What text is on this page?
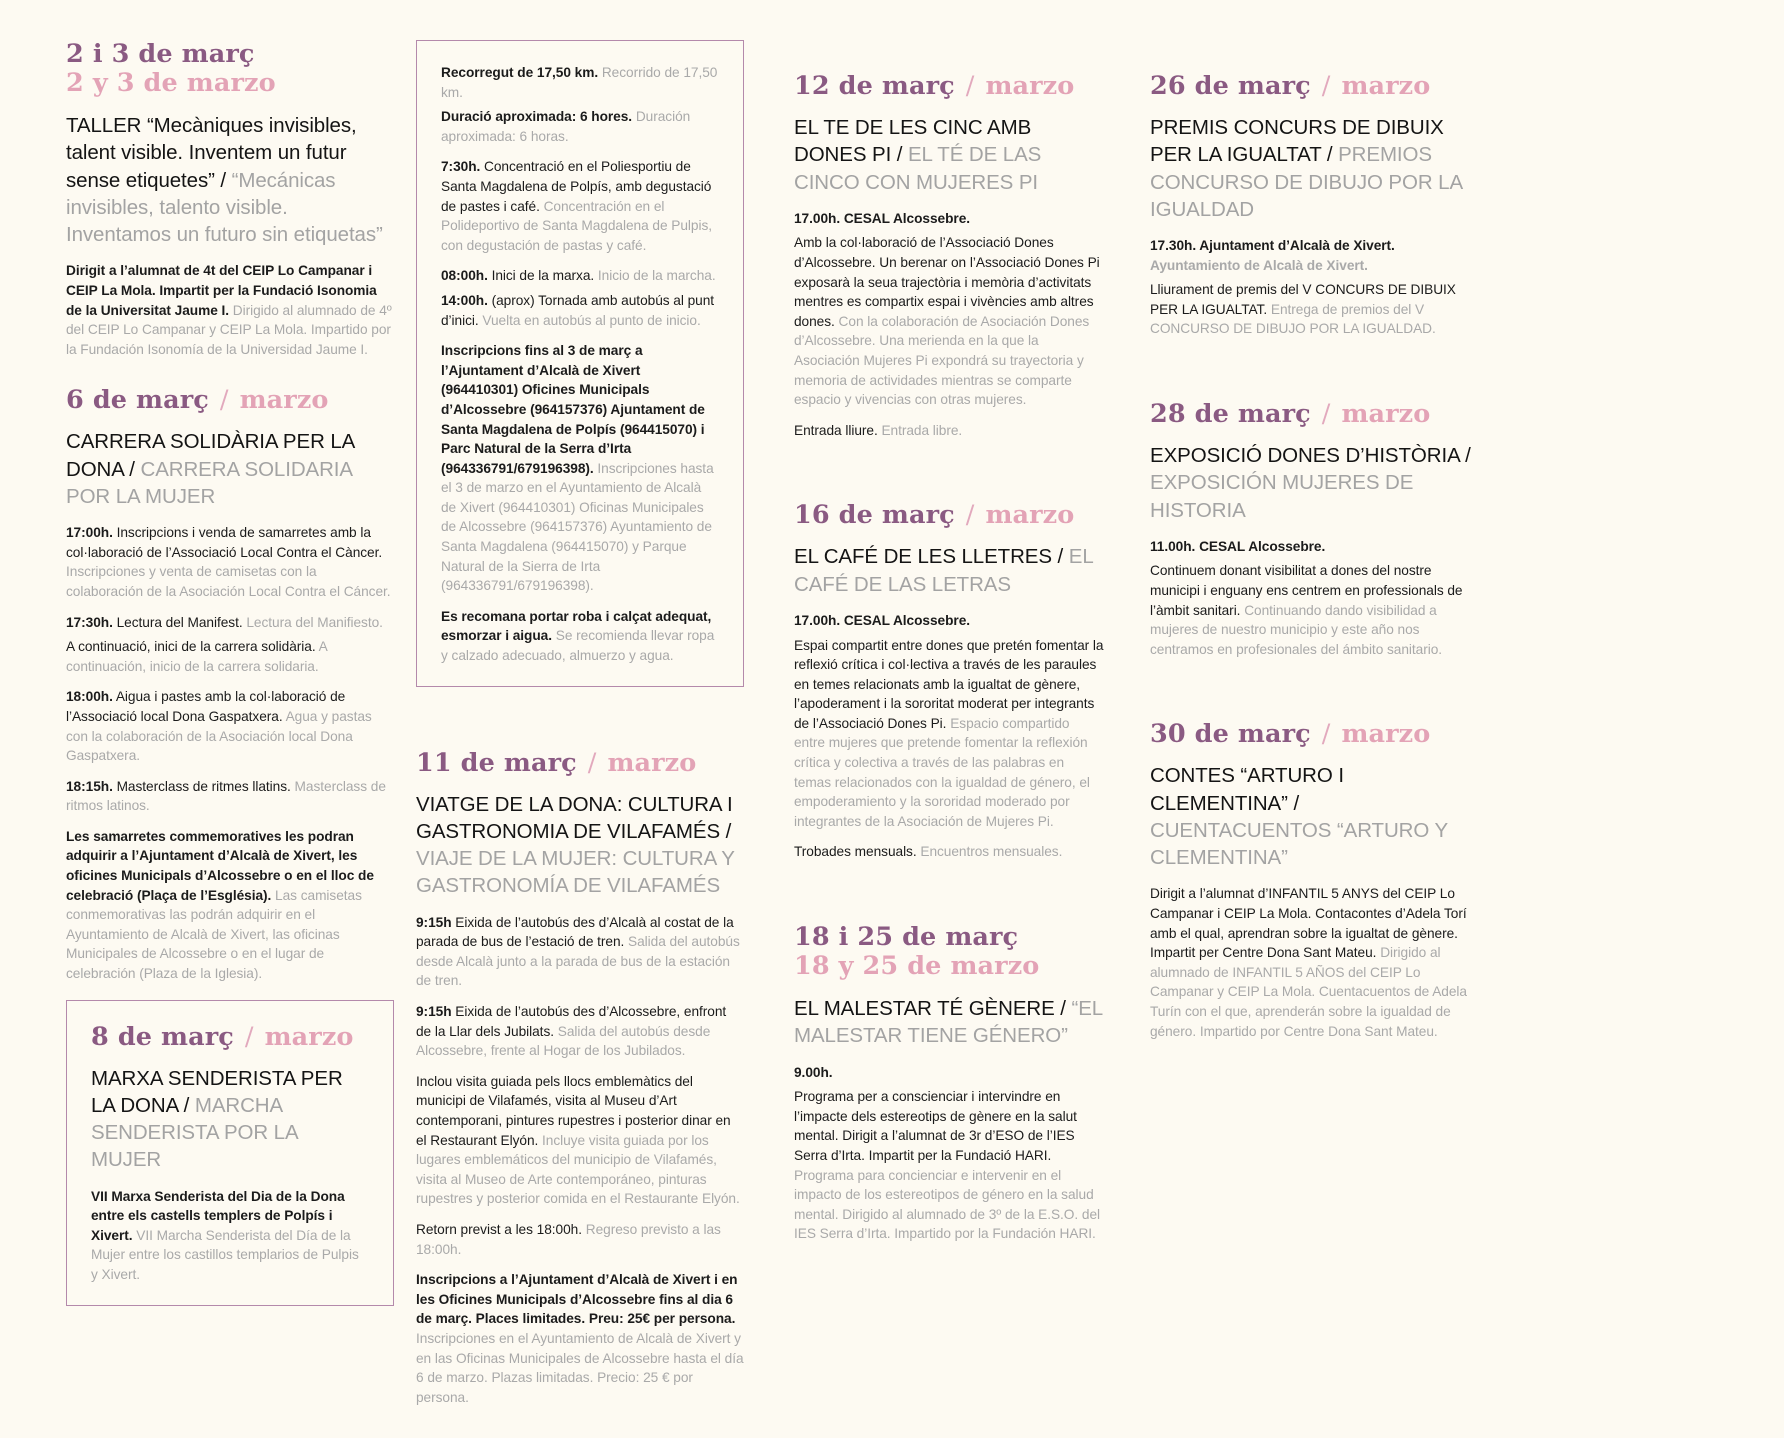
2 i 3 de març
2 y 3 de marzo
TALLER “Mecàniques invisibles, talent visible. Inventem un futur sense etiquetes” / “Mecánicas invisibles, talento visible. Inventamos un futuro sin etiquetas”
Dirigit a l’alumnat de 4t del CEIP Lo Campanar i CEIP La Mola. Impartit per la Fundació Isonomia de la Universitat Jaume I. Dirigido al alumnado de 4º del CEIP Lo Campanar y CEIP La Mola. Impartido por la Fundación Isonomía de la Universidad Jaume I.
6 de març / marzo
CARRERA SOLIDÀRIA PER LA DONA / CARRERA SOLIDARIA POR LA MUJER
17:00h. Inscripcions i venda de samarretes amb la col·laboració de l’Associació Local Contra el Càncer. Inscripciones y venta de camisetas con la colaboración de la Asociación Local Contra el Cáncer.
17:30h. Lectura del Manifest. Lectura del Manifiesto.
A continuació, inici de la carrera solidària. A continuación, inicio de la carrera solidaria.
18:00h. Aigua i pastes amb la col·laboració de l’Associació local Dona Gaspatxera. Agua y pastas con la colaboración de la Asociación local Dona Gaspatxera.
18:15h. Masterclass de ritmes llatins. Masterclass de ritmos latinos.
Les samarretes commemoratives les podran adquirir a l’Ajuntament d’Alcalà de Xivert, les oficines Municipals d’Alcossebre o en el lloc de celebració (Plaça de l’Església). Las camisetas conmemorativas las podrán adquirir en el Ayuntamiento de Alcalà de Xivert, las oficinas Municipales de Alcossebre o en el lugar de celebración (Plaza de la Iglesia).
8 de març / marzo
MARXA SENDERISTA PER LA DONA / MARCHA SENDERISTA POR LA MUJER
VII Marxa Senderista del Dia de la Dona entre els castells templers de Polpís i Xivert. VII Marcha Senderista del Día de la Mujer entre los castillos templarios de Pulpis y Xivert.
Recorregut de 17,50 km. Recorrido de 17,50 km.
Duració aproximada: 6 hores. Duración aproximada: 6 horas.
7:30h. Concentració en el Poliesportiu de Santa Magdalena de Polpís, amb degustació de pastes i café. Concentración en el Polideportivo de Santa Magdalena de Pulpis, con degustación de pastas y café.
08:00h. Inici de la marxa. Inicio de la marcha.
14:00h. (aprox) Tornada amb autobús al punt d’inici. Vuelta en autobús al punto de inicio.
Inscripcions fins al 3 de març a l’Ajuntament d’Alcalà de Xivert (964410301) Oficines Municipals d’Alcossebre (964157376) Ajuntament de Santa Magdalena de Polpís (964415070) i Parc Natural de la Serra d’Irta (964336791/679196398). Inscripciones hasta el 3 de marzo en el Ayuntamiento de Alcalà de Xivert (964410301) Oficinas Municipales de Alcossebre (964157376) Ayuntamiento de Santa Magdalena (964415070) y Parque Natural de la Sierra de Irta (964336791/679196398).
Es recomana portar roba i calçat adequat, esmorzar i aigua. Se recomienda llevar ropa y calzado adecuado, almuerzo y agua.
11 de març / marzo
VIATGE DE LA DONA: CULTURA I GASTRONOMIA DE VILAFAMÉS / VIAJE DE LA MUJER: CULTURA Y GASTRONOMÍA DE VILAFAMÉS
9:15h Eixida de l’autobús des d’Alcalà al costat de la parada de bus de l’estació de tren. Salida del autobús desde Alcalà junto a la parada de bus de la estación de tren.
9:15h Eixida de l’autobús des d’Alcossebre, enfront de la Llar dels Jubilats. Salida del autobús desde Alcossebre, frente al Hogar de los Jubilados.
Inclou visita guiada pels llocs emblemàtics del municipi de Vilafamés, visita al Museu d’Art contemporani, pintures rupestres i posterior dinar en el Restaurant Elyón. Incluye visita guiada por los lugares emblemáticos del municipio de Vilafamés, visita al Museo de Arte contemporáneo, pinturas rupestres y posterior comida en el Restaurante Elyón.
Retorn previst a les 18:00h. Regreso previsto a las 18:00h.
Inscripcions a l’Ajuntament d’Alcalà de Xivert i en les Oficines Municipals d’Alcossebre fins al dia 6 de març. Places limitades. Preu: 25€ per persona. Inscripciones en el Ayuntamiento de Alcalà de Xivert y en las Oficinas Municipales de Alcossebre hasta el día 6 de marzo. Plazas limitadas. Precio: 25 € por persona.
12 de març / marzo
EL TE DE LES CINC AMB DONES PI / EL TÉ DE LAS CINCO CON MUJERES PI
17.00h. CESAL Alcossebre.
Amb la col·laboració de l’Associació Dones d’Alcossebre. Un berenar on l’Associació Dones Pi exposarà la seua trajectòria i memòria d’activitats mentres es compartix espai i vivències amb altres dones. Con la colaboración de Asociación Dones d’Alcossebre. Una merienda en la que la Asociación Mujeres Pi expondrá su trayectoria y memoria de actividades mientras se comparte espacio y vivencias con otras mujeres.
Entrada lliure. Entrada libre.
16 de març / marzo
EL CAFÉ DE LES LLETRES / EL CAFÉ DE LAS LETRAS
17.00h. CESAL Alcossebre.
Espai compartit entre dones que pretén fomentar la reflexió crítica i col·lectiva a través de les paraules en temes relacionats amb la igualtat de gènere, l’apoderament i la sororitat moderat per integrants de l’Associació Dones Pi. Espacio compartido entre mujeres que pretende fomentar la reflexión crítica y colectiva a través de las palabras en temas relacionados con la igualdad de género, el empoderamiento y la sororidad moderado por integrantes de la Asociación de Mujeres Pi.
Trobades mensuals. Encuentros mensuales.
18 i 25 de març
18 y 25 de marzo
EL MALESTAR TÉ GÈNERE / “EL MALESTAR TIENE GÉNERO”
9.00h.
Programa per a conscienciar i intervindre en l’impacte dels estereotips de gènere en la salut mental. Dirigit a l’alumnat de 3r d’ESO de l’IES Serra d’Irta. Impartit per la Fundació HARI. Programa para concienciar e intervenir en el impacto de los estereotipos de género en la salud mental. Dirigido al alumnado de 3º de la E.S.O. del IES Serra d’Irta. Impartido por la Fundación HARI.
26 de març / marzo
PREMIS CONCURS DE DIBUIX PER LA IGUALTAT / PREMIOS CONCURSO DE DIBUJO POR LA IGUALDAD
17.30h. Ajuntament d’Alcalà de Xivert. Ayuntamiento de Alcalà de Xivert.
Lliurament de premis del V CONCURS DE DIBUIX PER LA IGUALTAT. Entrega de premios del V CONCURSO DE DIBUJO POR LA IGUALDAD.
28 de març / marzo
EXPOSICIÓ DONES D’HISTÒRIA / EXPOSICIÓN MUJERES DE HISTORIA
11.00h. CESAL Alcossebre.
Continuem donant visibilitat a dones del nostre municipi i enguany ens centrem en professionals de l’àmbit sanitari. Continuando dando visibilidad a mujeres de nuestro municipio y este año nos centramos en profesionales del ámbito sanitario.
30 de març / marzo
CONTES “ARTURO I CLEMENTINA” / CUENTACUENTOS “ARTURO Y CLEMENTINA”
Dirigit a l’alumnat d’INFANTIL 5 ANYS del CEIP Lo Campanar i CEIP La Mola. Contacontes d’Adela Torí amb el qual, aprendran sobre la igualtat de gènere. Impartit per Centre Dona Sant Mateu. Dirigido al alumnado de INFANTIL 5 AÑOS del CEIP Lo Campanar y CEIP La Mola. Cuentacuentos de Adela Turín con el que, aprenderán sobre la igualdad de género. Impartido por Centre Dona Sant Mateu.
